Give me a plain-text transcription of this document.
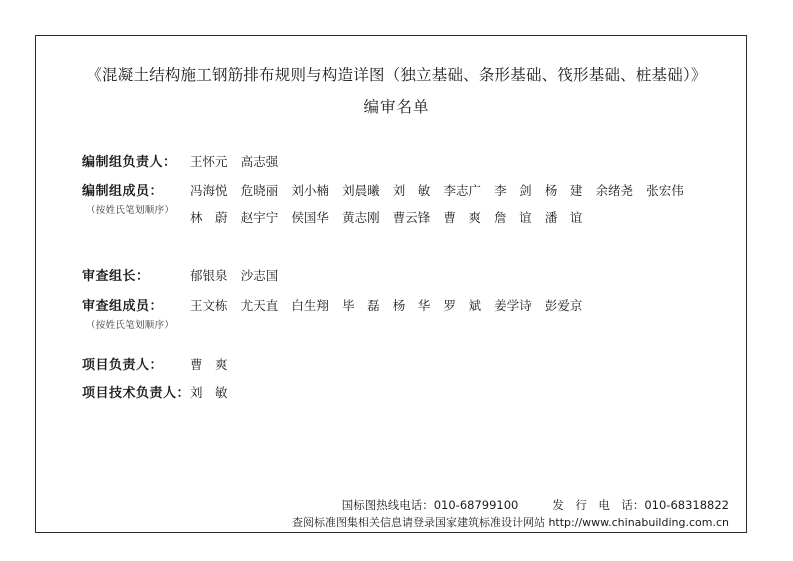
《混凝土结构施工钢筋排布规则与构造详图（独立基础、条形基础、筏形基础、桩基础）》
编审名单
编制组负责人：	王怀元	高志强
编制组成员：	冯海悦	危晓丽	刘小楠	刘晨曦	刘　敏	李志广	李　剑	杨　建	余绪尧	张宏伟
（按姓氏笔划顺序）	林　蔚	赵宇宁	侯国华	黄志刚	曹云锋	曹　爽	詹　谊	潘　谊
审查组长：	郁银泉	沙志国
审查组成员：	王文栋	尤天直	白生翔	毕　磊	杨　华	罗　斌	姜学诗	彭爱京
（按姓氏笔划顺序）
项目负责人：	曹　爽
项目技术负责人： 刘　敏
国标图热线电话：010-68799100	发　行　电　话：010-68318822
查阅标准图集相关信息请登录国家建筑标准设计网站 http://www.chinabuilding.com.cn
